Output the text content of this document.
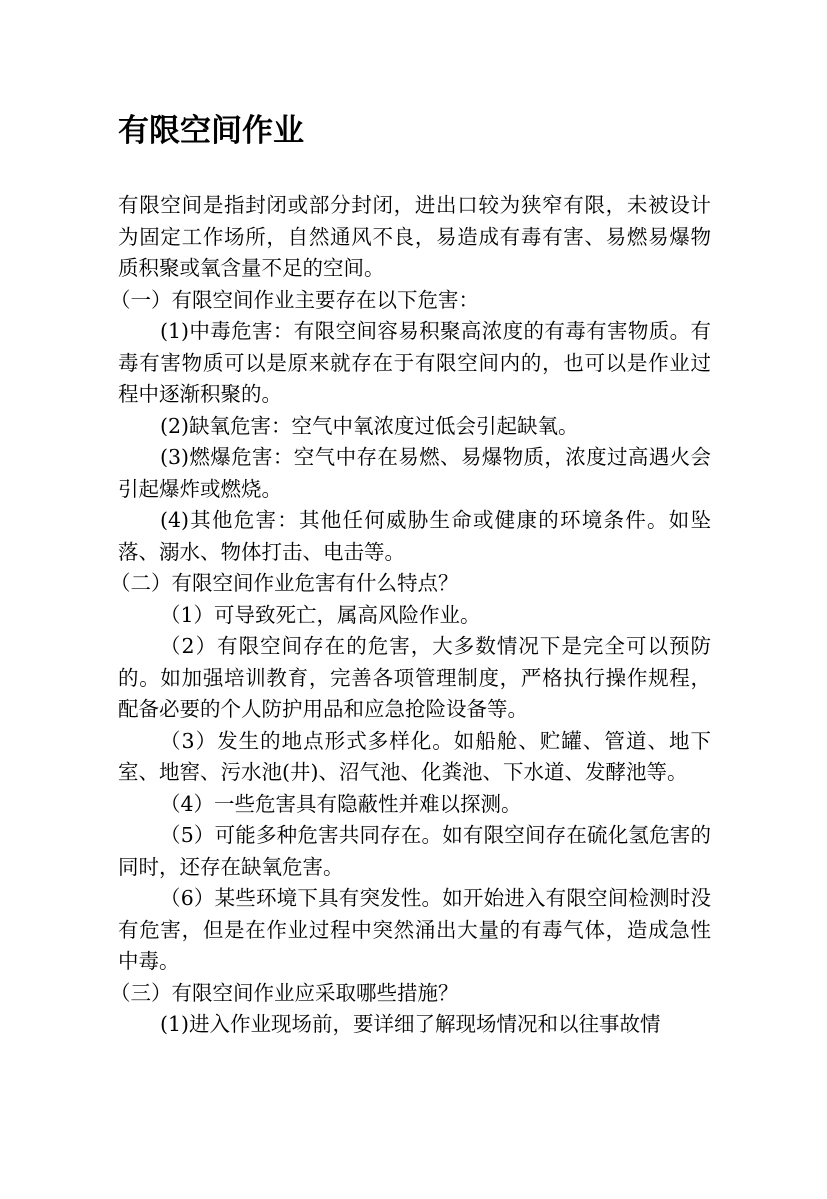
有限空间作业

有限空间是指封闭或部分封闭，进出口较为狭窄有限，未被设计为固定工作场所，自然通风不良，易造成有毒有害、易燃易爆物质积聚或氧含量不足的空间。

（一）有限空间作业主要存在以下危害：

(1)中毒危害：有限空间容易积聚高浓度的有毒有害物质。有毒有害物质可以是原来就存在于有限空间内的，也可以是作业过程中逐渐积聚的。

(2)缺氧危害：空气中氧浓度过低会引起缺氧。

(3)燃爆危害：空气中存在易燃、易爆物质，浓度过高遇火会引起爆炸或燃烧。

(4)其他危害：其他任何威胁生命或健康的环境条件。如坠落、溺水、物体打击、电击等。

（二）有限空间作业危害有什么特点？

（1）可导致死亡，属高风险作业。

（2）有限空间存在的危害，大多数情况下是完全可以预防的。如加强培训教育，完善各项管理制度，严格执行操作规程，配备必要的个人防护用品和应急抢险设备等。

（3）发生的地点形式多样化。如船舱、贮罐、管道、地下室、地窖、污水池(井)、沼气池、化粪池、下水道、发酵池等。

（4）一些危害具有隐蔽性并难以探测。

（5）可能多种危害共同存在。如有限空间存在硫化氢危害的同时，还存在缺氧危害。

（6）某些环境下具有突发性。如开始进入有限空间检测时没有危害，但是在作业过程中突然涌出大量的有毒气体，造成急性中毒。

（三）有限空间作业应采取哪些措施？

(1)进入作业现场前，要详细了解现场情况和以往事故情
